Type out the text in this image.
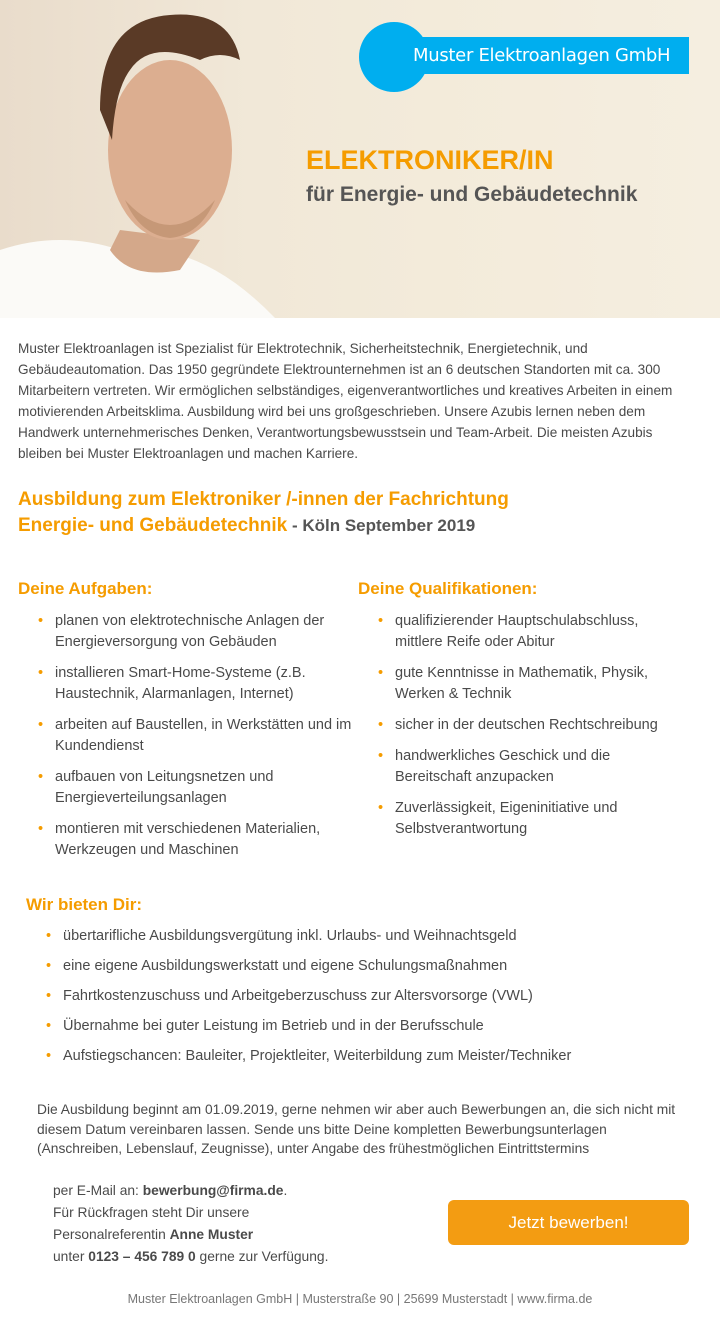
Muster Elektroanlagen GmbH
ELEKTRONIKER/IN
für Energie- und Gebäudetechnik

Muster Elektroanlagen ist Spezialist für Elektrotechnik, Sicherheitstechnik, Energietechnik, und Gebäudeautomation. Das 1950 gegründete Elektrounternehmen ist an 6 deutschen Standorten mit ca. 300 Mitarbeitern vertreten. Wir ermöglichen selbständiges, eigenverantwortliches und kreatives Arbeiten in einem motivierenden Arbeitsklima. Ausbildung wird bei uns großgeschrieben. Unsere Azubis lernen neben dem Handwerk unternehmerisches Denken, Verantwortungsbewusstsein und Team-Arbeit. Die meisten Azubis bleiben bei Muster Elektroanlagen und machen Karriere.

Ausbildung zum Elektroniker /-innen der Fachrichtung
Energie- und Gebäudetechnik - Köln September 2019
Deine Aufgaben:
• planen von elektrotechnische Anlagen der Energieversorgung von Gebäuden
• installieren Smart-Home-Systeme (z.B. Haustechnik, Alarmanlagen, Internet)
• arbeiten auf Baustellen, in Werkstätten und im Kundendienst
• aufbauen von Leitungsnetzen und Energieverteilungsanlagen
• montieren mit verschiedenen Materialien, Werkzeugen und Maschinen
Deine Qualifikationen:
• qualifizierender Hauptschulabschluss, mittlere Reife oder Abitur
• gute Kenntnisse in Mathematik, Physik, Werken & Technik
• sicher in der deutschen Rechtschreibung
• handwerkliches Geschick und die Bereitschaft anzupacken
• Zuverlässigkeit, Eigeninitiative und Selbstverantwortung
Wir bieten Dir:
• übertarifliche Ausbildungsvergütung inkl. Urlaubs- und Weihnachtsgeld
• eine eigene Ausbildungswerkstatt und eigene Schulungsmaßnahmen
• Fahrtkostenzuschuss und Arbeitgeberzuschuss zur Altersvorsorge (VWL)
• Übernahme bei guter Leistung im Betrieb und in der Berufsschule
• Aufstiegschancen: Bauleiter, Projektleiter, Weiterbildung zum Meister/Techniker

Die Ausbildung beginnt am 01.09.2019, gerne nehmen wir aber auch Bewerbungen an, die sich nicht mit diesem Datum vereinbaren lassen. Sende uns bitte Deine kompletten Bewerbungsunterlagen (Anschreiben, Lebenslauf, Zeugnisse), unter Angabe des frühestmöglichen Eintrittstermins

per E-Mail an: bewerbung@firma.de.
Für Rückfragen steht Dir unsere
Personalreferentin Anne Muster
unter 0123 – 456 789 0 gerne zur Verfügung.
Jetzt bewerben!
Muster Elektroanlagen GmbH | Musterstraße 90 | 25699 Musterstadt | www.firma.de
